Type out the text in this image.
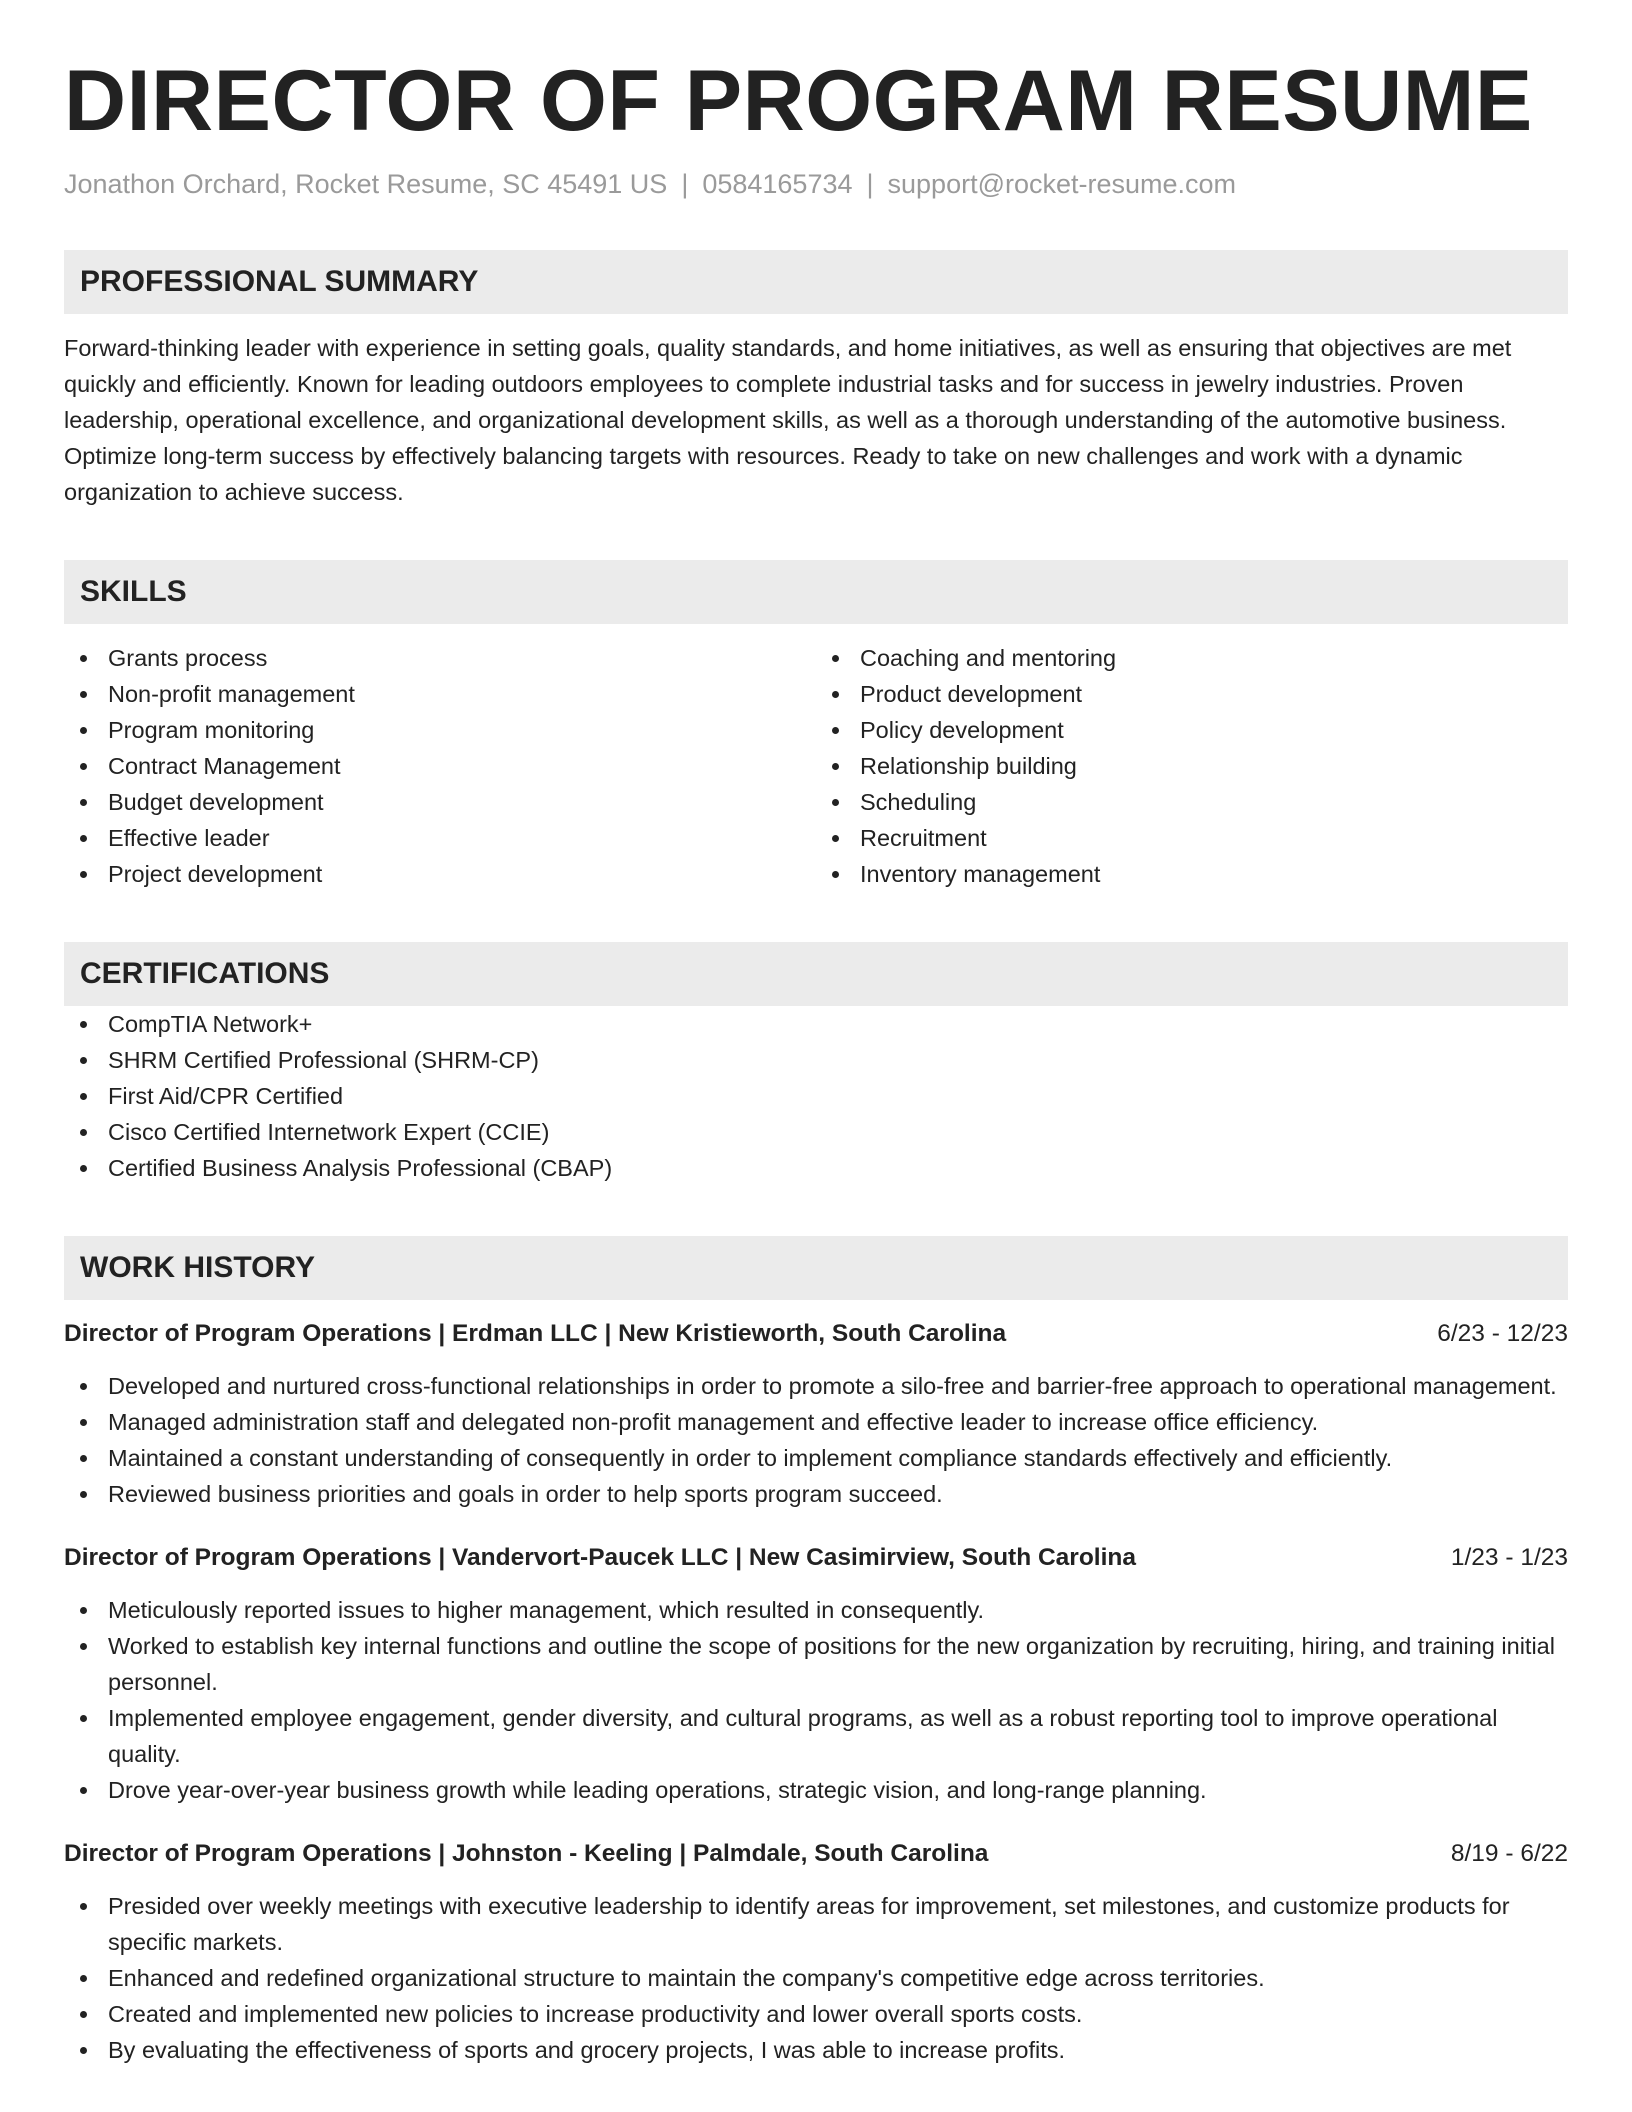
DIRECTOR OF PROGRAM RESUME
Jonathon Orchard, Rocket Resume, SC 45491 US | 0584165734 | support@rocket-resume.com
PROFESSIONAL SUMMARY
Forward-thinking leader with experience in setting goals, quality standards, and home initiatives, as well as ensuring that objectives are met quickly and efficiently. Known for leading outdoors employees to complete industrial tasks and for success in jewelry industries. Proven leadership, operational excellence, and organizational development skills, as well as a thorough understanding of the automotive business. Optimize long-term success by effectively balancing targets with resources. Ready to take on new challenges and work with a dynamic organization to achieve success.
SKILLS
Grants process
Non-profit management
Program monitoring
Contract Management
Budget development
Effective leader
Project development
Coaching and mentoring
Product development
Policy development
Relationship building
Scheduling
Recruitment
Inventory management
CERTIFICATIONS
CompTIA Network+
SHRM Certified Professional (SHRM-CP)
First Aid/CPR Certified
Cisco Certified Internetwork Expert (CCIE)
Certified Business Analysis Professional (CBAP)
WORK HISTORY
Director of Program Operations | Erdman LLC | New Kristieworth, South Carolina	6/23 - 12/23
Developed and nurtured cross-functional relationships in order to promote a silo-free and barrier-free approach to operational management.
Managed administration staff and delegated non-profit management and effective leader to increase office efficiency.
Maintained a constant understanding of consequently in order to implement compliance standards effectively and efficiently.
Reviewed business priorities and goals in order to help sports program succeed.
Director of Program Operations | Vandervort-Paucek LLC | New Casimirview, South Carolina	1/23 - 1/23
Meticulously reported issues to higher management, which resulted in consequently.
Worked to establish key internal functions and outline the scope of positions for the new organization by recruiting, hiring, and training initial personnel.
Implemented employee engagement, gender diversity, and cultural programs, as well as a robust reporting tool to improve operational quality.
Drove year-over-year business growth while leading operations, strategic vision, and long-range planning.
Director of Program Operations | Johnston - Keeling | Palmdale, South Carolina	8/19 - 6/22
Presided over weekly meetings with executive leadership to identify areas for improvement, set milestones, and customize products for specific markets.
Enhanced and redefined organizational structure to maintain the company's competitive edge across territories.
Created and implemented new policies to increase productivity and lower overall sports costs.
By evaluating the effectiveness of sports and grocery projects, I was able to increase profits.
